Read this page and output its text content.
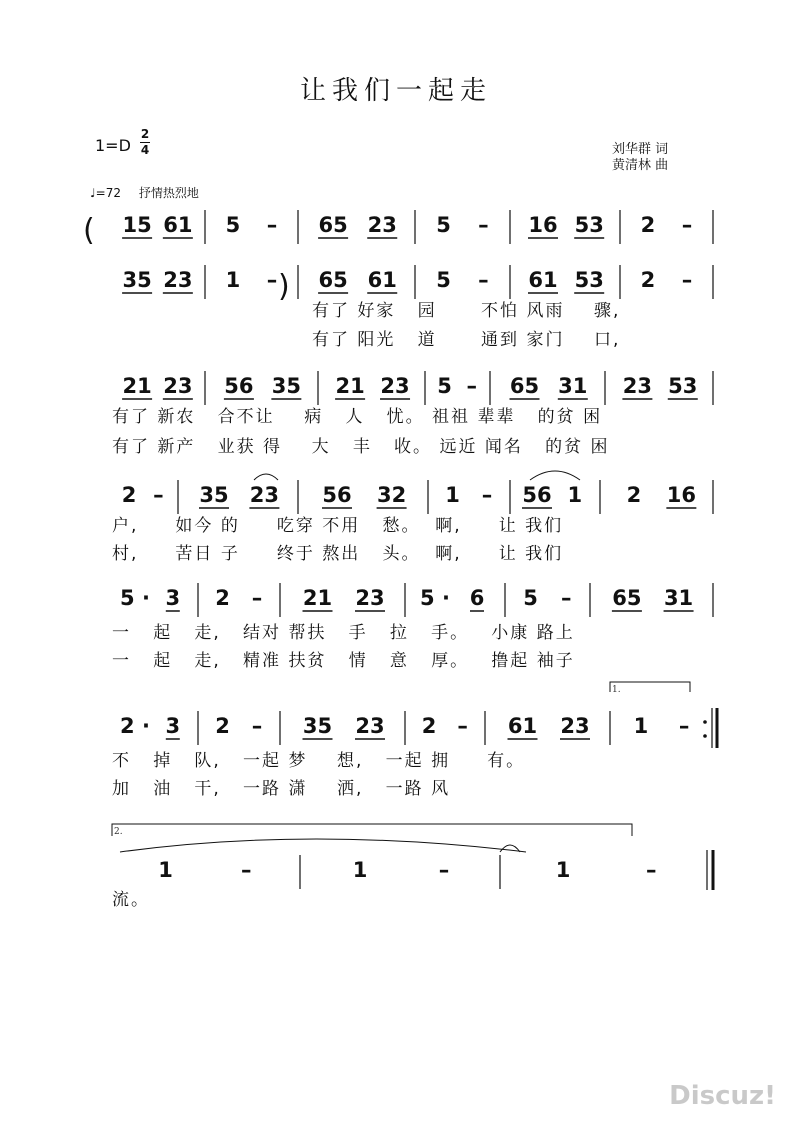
让我们一起走
1=D
2
4	刘华群 词
黄清林 曲
♩=72 抒情热烈地
(
)
1.
2.
15 61 5 – 65 23 5 – 16 53 2 –
35 23 1 – 65 61 5 – 61 53 2 –
21 23 56 35 21 23 5 – 65 31 23 53
2 – 35 23 56 32 1 – 56 1 2 16
5 · 3 2 – 21 23 5 · 6 5 – 65 31
2 · 3 2 – 35 23 2 – 61 23 1 –
1	–	1	–	1	–
有了 好家   园      不怕 风雨    骤,
有了 阳光   道      通到 家门    口,
有了 新农   合不让    病   人   忧。 祖祖 辈辈   的贫 困
有了 新产   业获 得    大   丰   收。 远近 闻名   的贫 困
户,     如今 的     吃穿 不用   愁。  啊,     让 我们
村,     苦日 子     终于 熬出   头。  啊,     让 我们
一   起   走,   结对 帮扶   手   拉   手。   小康 路上
一   起   走,   精准 扶贫   情   意   厚。   撸起 袖子
不   掉   队,   一起 梦    想,   一起 拥     有。
加   油   干,   一路 潇    洒,   一路 风
流。
Discuz!
